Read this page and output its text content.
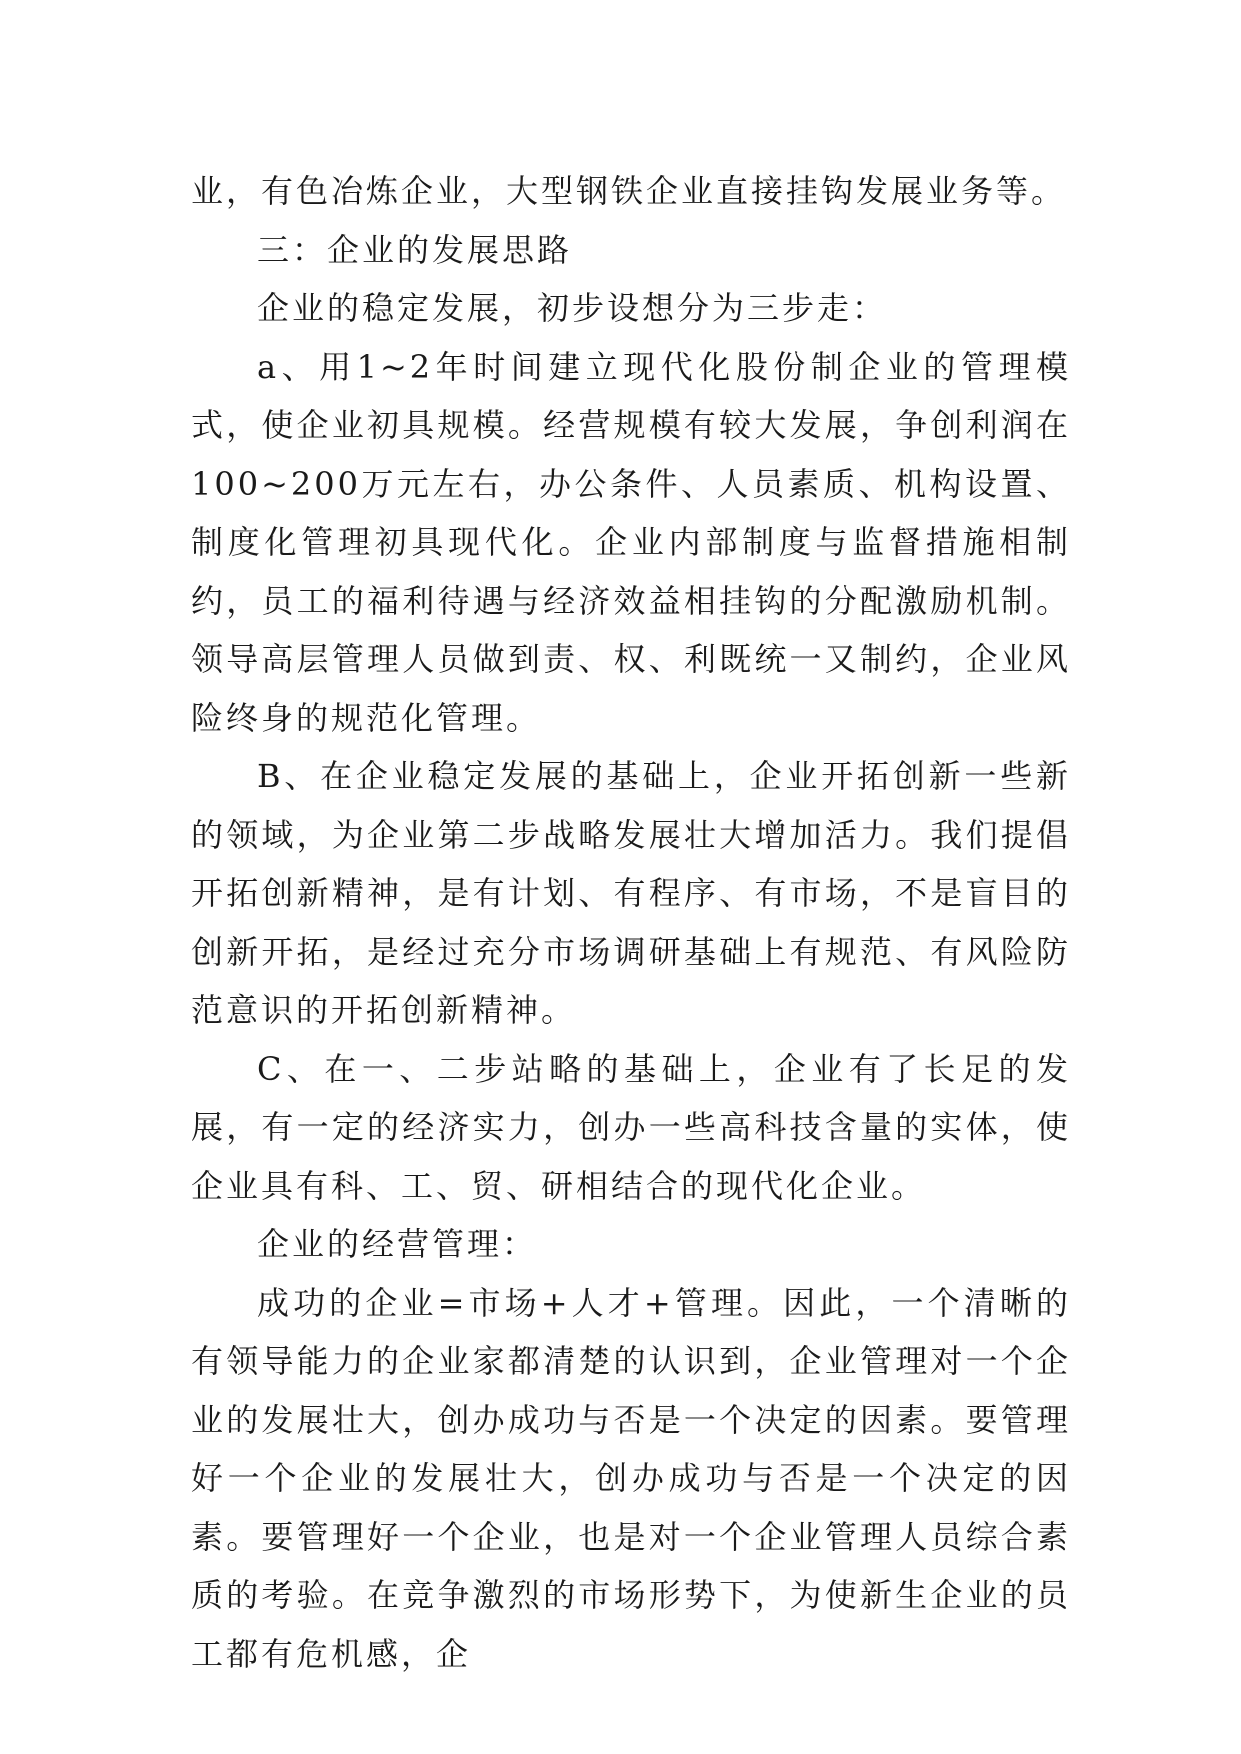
业，有色冶炼企业，大型钢铁企业直接挂钩发展业务等。

三：企业的发展思路

企业的稳定发展，初步设想分为三步走：

a、用1~2年时间建立现代化股份制企业的管理模式，使企业初具规模。经营规模有较大发展，争创利润在100~200万元左右，办公条件、人员素质、机构设置、制度化管理初具现代化。企业内部制度与监督措施相制约，员工的福利待遇与经济效益相挂钩的分配激励机制。领导高层管理人员做到责、权、利既统一又制约，企业风险终身的规范化管理。

B、在企业稳定发展的基础上，企业开拓创新一些新的领域，为企业第二步战略发展壮大增加活力。我们提倡开拓创新精神，是有计划、有程序、有市场，不是盲目的创新开拓，是经过充分市场调研基础上有规范、有风险防范意识的开拓创新精神。

C、在一、二步站略的基础上，企业有了长足的发展，有一定的经济实力，创办一些高科技含量的实体，使企业具有科、工、贸、研相结合的现代化企业。

企业的经营管理：

成功的企业=市场+人才+管理。因此，一个清晰的有领导能力的企业家都清楚的认识到，企业管理对一个企业的发展壮大，创办成功与否是一个决定的因素。要管理好一个企业的发展壮大，创办成功与否是一个决定的因素。要管理好一个企业，也是对一个企业管理人员综合素质的考验。在竞争激烈的市场形势下，为使新生企业的员工都有危机感，企
